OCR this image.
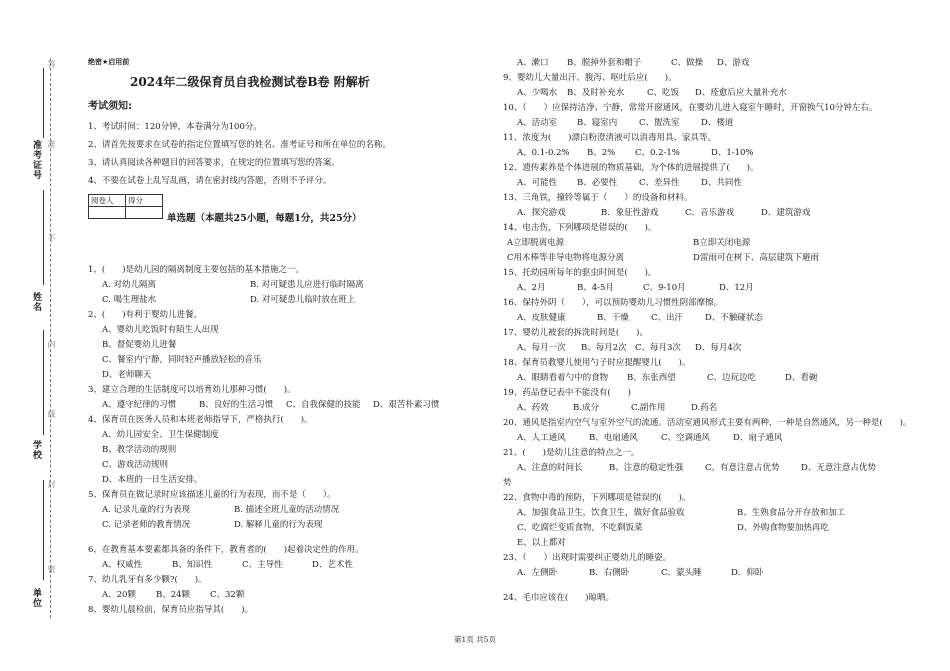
答
准
不
内
线
封
密
准考证号
姓名
学校
单位
绝密★启用前
2024年二级保育员自我检测试卷B卷 附解析
考试须知:
1、考试时间：120分钟，本卷满分为100分。
2、请首先按要求在试卷的指定位置填写您的姓名、准考证号和所在单位的名称。
3、请认真阅读各种题目的回答要求，在规定的位置填写您的答案。
4、不要在试卷上乱写乱画，请在密封线内答题，否则不予评分。
阅卷人	得分

单选题（本题共25小题，每题1分，共25分）
1、(　　)是幼儿园的隔离制度主要包括的基本措施之一。
A. 对幼儿隔离	B. 对可疑患儿应进行临时隔离
C. 喝生理盐水	D. 对可疑患儿临时放在班上
2、(　　)有利于婴幼儿进餐。
A、婴幼儿吃饭时有陌生人出现
B、督促婴幼儿进餐
C、餐室内宁静，同时轻声播放轻松的音乐
D、老师聊天
3、建立合理的生活制度可以培育幼儿那种习惯(　　)。
A、遵守纪律的习惯	B、良好的生活习惯	C、自我保健的技能	D、艰苦朴素习惯
4、保育员在医务人员和本班老师指导下，严格执行(　　)。
A、幼儿园安全、卫生保健制度
B、教学活动的规则
C、游戏活动规则
D、本班的一日生活安排。
5、保育员在做记录时应该描述儿童的行为表现，而不是（　　）。
A. 记录儿童的行为表现	B. 描述全班儿童的活动情况
C. 记录老师的教育情况	D. 解释儿童的行为表现
6、在教育基本要素都具备的条件下，教育者的(　　)起着决定性的作用。
A、权威性	B、知识性	C、主导性	D、艺术性
7、幼儿乳牙有多少颗?(　　)。
A、20颗	B、24颗	C、32颗
8、婴幼儿晨检前，保育员应指导其(　　)。
A、漱口	B、脱掉外套和帽子	C、做操	D、游戏
9、婴幼儿大量出汗、腹泻、呕吐后应(　　)。
A、少喝水	B、及时补充水	C、吃饭	D、痊愈后应大量补充水
10、（　　）应保持洁净、宁静，常常开窗通风，在婴幼儿进入寝室午睡时，开窗换气10分钟左右。
A、活动室	B、寝室内	C、盥洗室	D、楼道
11、浓度为(　　)漂白粉澄清液可以消毒用具、家具等。
A、0.1-0.2%	B、2%	C、0.2-1%	D、1-10%
12、遗传素养是个体进展的物质基础，为个体的进展提供了(　　)。
A、可能性	B、必要性	C、差异性	D、共同性
13、三角铁，撞铃等属于（　　）的设备和材料。
A．探究游戏	B．象征性游戏	C．音乐游戏	D．建筑游戏
14、电击伤，下列哪项是错误的(　　)。
A立即脱离电源	B立即关闭电源
C用木棒等非导电物将电源分离	D雷雨可在树下、高层建筑下避雨
15、托幼园所每年的驱虫时间是(　　)。
A、2月	B、4-5月	C、9-10月	D、12月
16、保持外阴（　　），可以预防婴幼儿习惯性阴部摩擦。
A、皮肤健康	B、干燥	C、出汗	D、不触碰状态
17、婴幼儿被套的拆洗时间是(　　)。
A、每月一次	B、每月2次 C、每月3次	D、每月4次
18、保育员教婴儿使用勺子时应提醒婴儿(　　)。
A、眼睛看着勺中的食物	B、东张西望	C、边玩边吃	D、看碗
19、药品登记表中不能没有(　　)
A、药效	B.成分	C.副作用	D.药名
20、通风是指室内空气与室外空气的流通。活动室通风形式主要有两种，一种是自然通风，另一种是(　　)。
A、人工通风	B、电扇通风	C、空调通风	D、扇子通风
21、(　　)是幼儿注意的特点之一。
A、注意的时间长	B、注意的稳定性强	C、有意注意占优势	D、无意注意占优势
势
22、食物中毒的预防，下列哪项是错误的(　　)。
A、加强食品卫生，饮食卫生，做好食品验收	B、生熟食品分开存放和加工
C、吃腐烂变质食物，不吃剩饭菜	D、外购食物要加热再吃
E、以上都对
23、（　　）出现时需要纠正婴幼儿的睡姿。
A．左侧卧	B．右侧卧	C．蒙头睡	D．仰卧
24、毛巾应该在(　　)晾晒。
第1页 共5页
